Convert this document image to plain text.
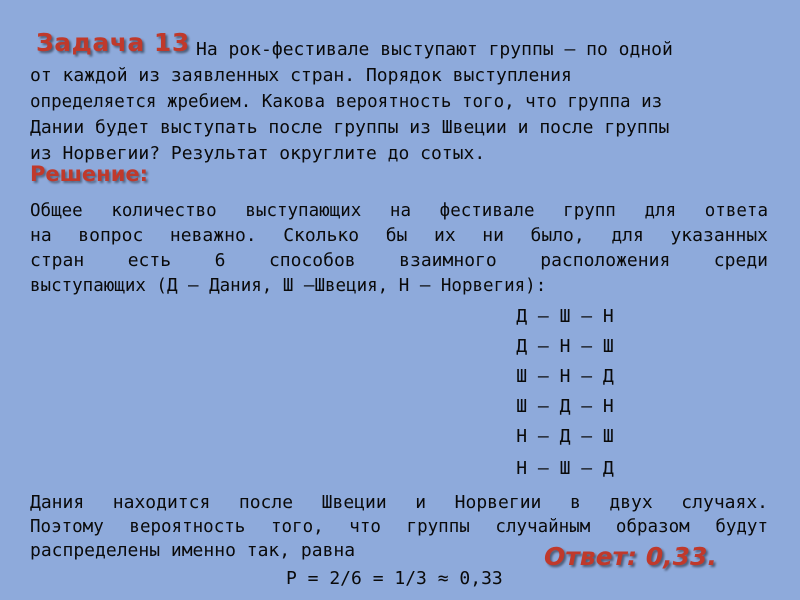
Задача 13 На рок-фестивале выступают группы – по одной
от каждой из заявленных стран. Порядок выступления
определяется жребием. Какова вероятность того, что группа из
Дании будет выступать после группы из Швеции и после группы
из Норвегии? Результат округлите до сотых.
Решение:
Общее количество выступающих на фестивале групп для ответа
на вопрос неважно. Сколько бы их ни было, для указанных
стран есть 6 способов взаимного расположения среди
выступающих (Д – Дания, Ш –Швеция, Н – Норвегия):
Д – Ш – Н
Д – Н – Ш
Ш – Н – Д
Ш – Д – Н
Н – Д – Ш
Н – Ш – Д
Дания находится после Швеции и Норвегии в двух случаях.
Поэтому вероятность того, что группы случайным образом будут
распределены именно так, равна	Ответ: 0,33.
P = 2/6 = 1/3 ≈ 0,33
